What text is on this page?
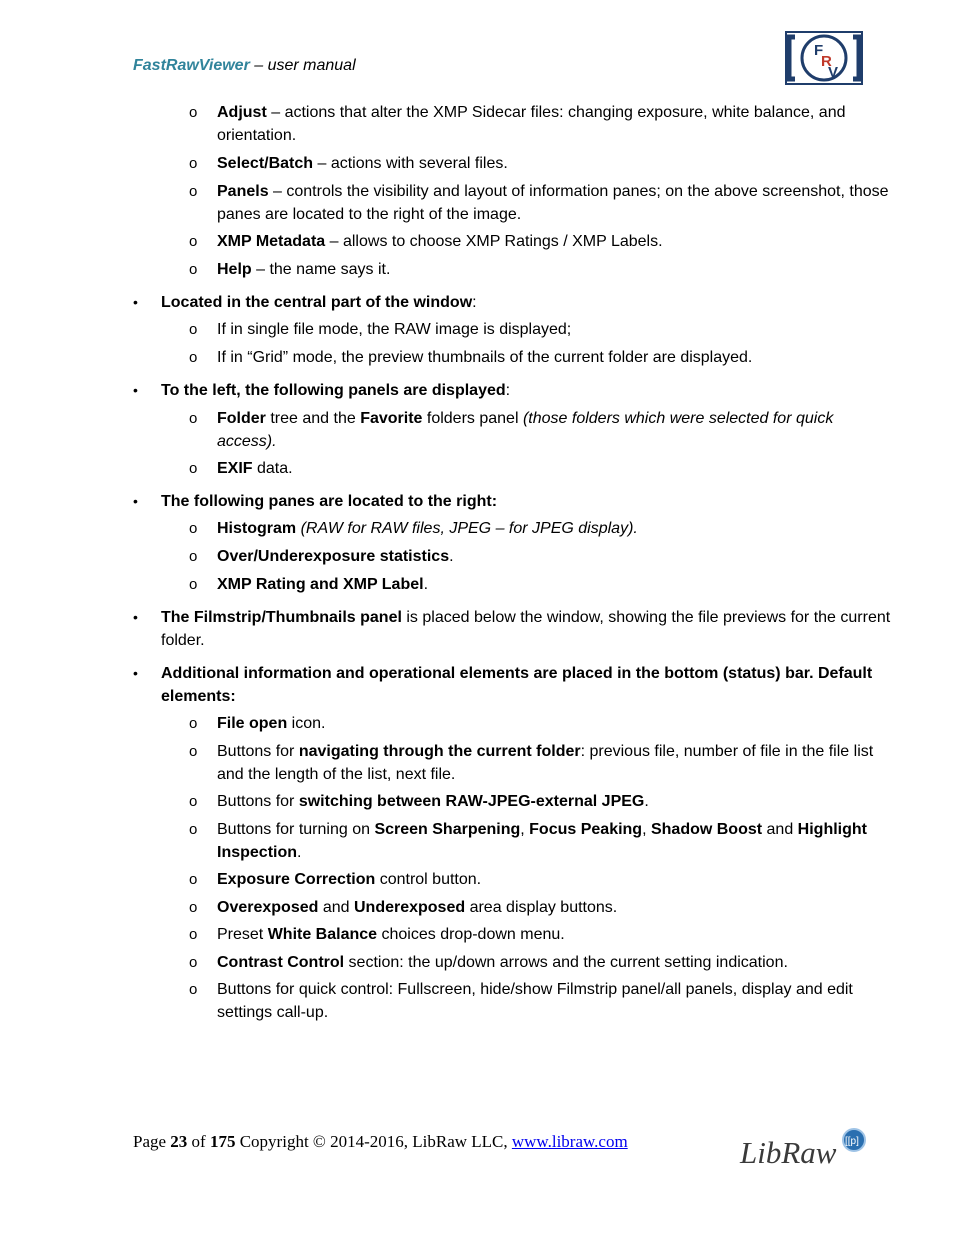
FastRawViewer – user manual
F
R
V
o Adjust – actions that alter the XMP Sidecar files: changing exposure, white balance, and orientation.
o Select/Batch – actions with several files.
o Panels – controls the visibility and layout of information panes; on the above screenshot, those panes are located to the right of the image.
o XMP Metadata – allows to choose XMP Ratings / XMP Labels.
o Help – the name says it.
• Located in the central part of the window:
o If in single file mode, the RAW image is displayed;
o If in “Grid” mode, the preview thumbnails of the current folder are displayed.
• To the left, the following panels are displayed:
o Folder tree and the Favorite folders panel (those folders which were selected for quick access).
o EXIF data.
• The following panes are located to the right:
o Histogram (RAW for RAW files, JPEG – for JPEG display).
o Over/Underexposure statistics.
o XMP Rating and XMP Label.
• The Filmstrip/Thumbnails panel is placed below the window, showing the file previews for the current folder.
• Additional information and operational elements are placed in the bottom (status) bar. Default elements:
o File open icon.
o Buttons for navigating through the current folder: previous file, number of file in the file list and the length of the list, next file.
o Buttons for switching between RAW-JPEG-external JPEG.
o Buttons for turning on Screen Sharpening, Focus Peaking, Shadow Boost and Highlight Inspection.
o Exposure Correction control button.
o Overexposed and Underexposed area display buttons.
o Preset White Balance choices drop-down menu.
o Contrast Control section: the up/down arrows and the current setting indication.
o Buttons for quick control: Fullscreen, hide/show Filmstrip panel/all panels, display and edit settings call-up.
Page 23 of 175 Copyright © 2014-2016, LibRaw LLC, www.libraw.com	LibRaw [[p]
